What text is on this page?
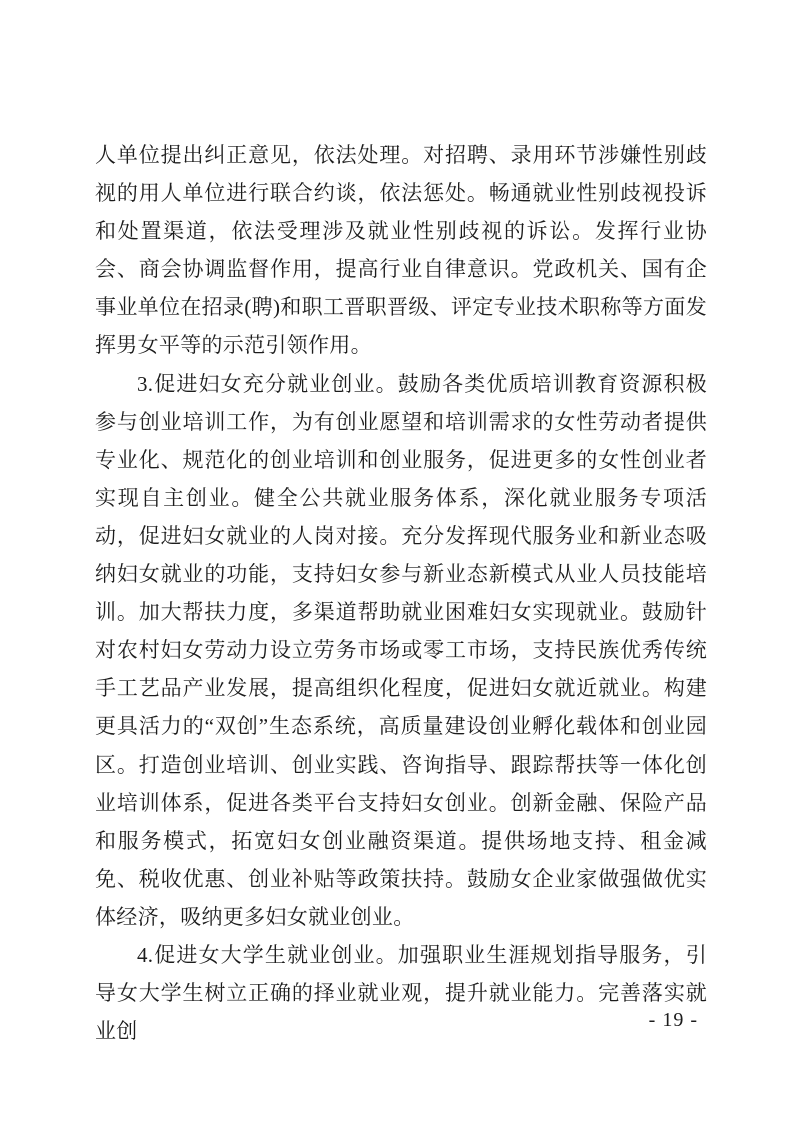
人单位提出纠正意见，依法处理。对招聘、录用环节涉嫌性别歧视的用人单位进行联合约谈，依法惩处。畅通就业性别歧视投诉和处置渠道，依法受理涉及就业性别歧视的诉讼。发挥行业协会、商会协调监督作用，提高行业自律意识。党政机关、国有企事业单位在招录(聘)和职工晋职晋级、评定专业技术职称等方面发挥男女平等的示范引领作用。

3.促进妇女充分就业创业。鼓励各类优质培训教育资源积极参与创业培训工作，为有创业愿望和培训需求的女性劳动者提供专业化、规范化的创业培训和创业服务，促进更多的女性创业者实现自主创业。健全公共就业服务体系，深化就业服务专项活动，促进妇女就业的人岗对接。充分发挥现代服务业和新业态吸纳妇女就业的功能，支持妇女参与新业态新模式从业人员技能培训。加大帮扶力度，多渠道帮助就业困难妇女实现就业。鼓励针对农村妇女劳动力设立劳务市场或零工市场，支持民族优秀传统手工艺品产业发展，提高组织化程度，促进妇女就近就业。构建更具活力的“双创”生态系统，高质量建设创业孵化载体和创业园区。打造创业培训、创业实践、咨询指导、跟踪帮扶等一体化创业培训体系，促进各类平台支持妇女创业。创新金融、保险产品和服务模式，拓宽妇女创业融资渠道。提供场地支持、租金减免、税收优惠、创业补贴等政策扶持。鼓励女企业家做强做优实体经济，吸纳更多妇女就业创业。

4.促进女大学生就业创业。加强职业生涯规划指导服务，引导女大学生树立正确的择业就业观，提升就业能力。完善落实就业创	- 19 -
